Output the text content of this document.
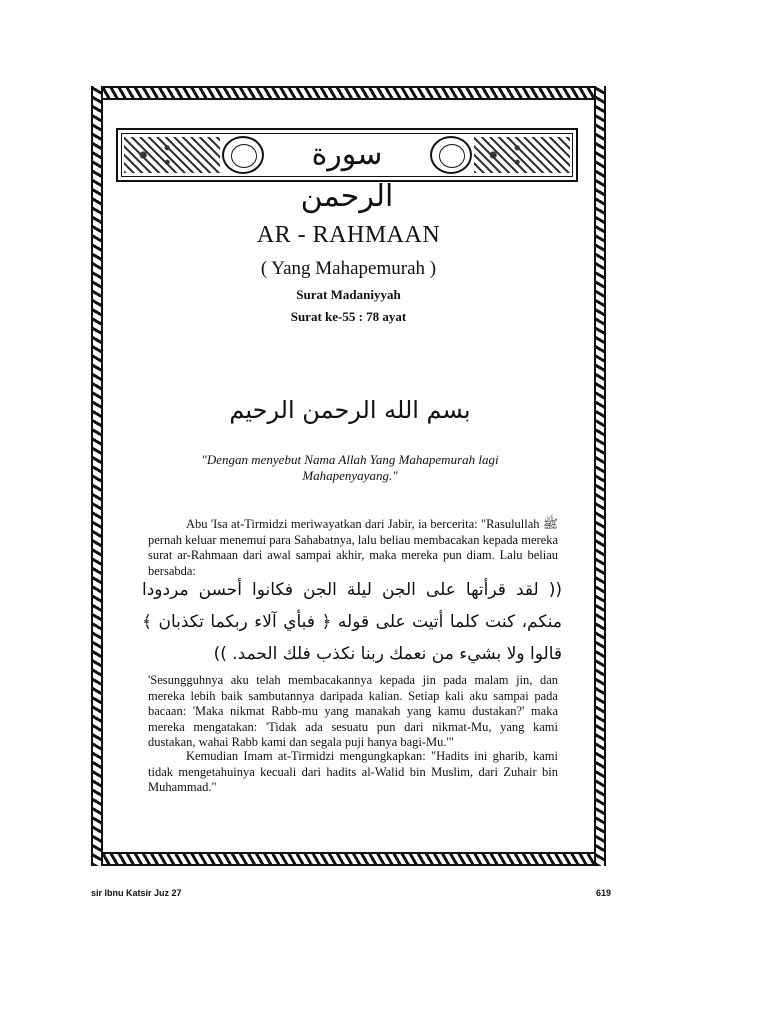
سورة الرحمن
AR - RAHMAAN
( Yang Mahapemurah )
Surat Madaniyyah
Surat ke-55 : 78 ayat
بسم الله الرحمن الرحيم
"Dengan menyebut Nama Allah Yang Mahapemurah lagi Mahapenyayang."
Abu 'Isa at-Tirmidzi meriwayatkan dari Jabir, ia bercerita: "Rasulullah ﷺ pernah keluar menemui para Sahabatnya, lalu beliau membacakan kepada mereka surat ar-Rahmaan dari awal sampai akhir, maka mereka pun diam. Lalu beliau bersabda:
(( لقد قرأتها على الجن ليلة الجن فكانوا أحسن مردودا منكم، كنت كلما أتيت على قوله ﴿ فبأي آلاء ربكما تكذبان ﴾ قالوا ولا بشيء من نعمك ربنا نكذب فلك الحمد. ))
'Sesungguhnya aku telah membacakannya kepada jin pada malam jin, dan mereka lebih baik sambutannya daripada kalian. Setiap kali aku sampai pada bacaan: 'Maka nikmat Rabb-mu yang manakah yang kamu dustakan?' maka mereka mengatakan: 'Tidak ada sesuatu pun dari nikmat-Mu, yang kami dustakan, wahai Rabb kami dan segala puji hanya bagi-Mu.'"
Kemudian Imam at-Tirmidzi mengungkapkan: "Hadits ini gharib, kami tidak mengetahuinya kecuali dari hadits al-Walid bin Muslim, dari Zuhair bin Muhammad."
sir Ibnu Katsir Juz 27	619
